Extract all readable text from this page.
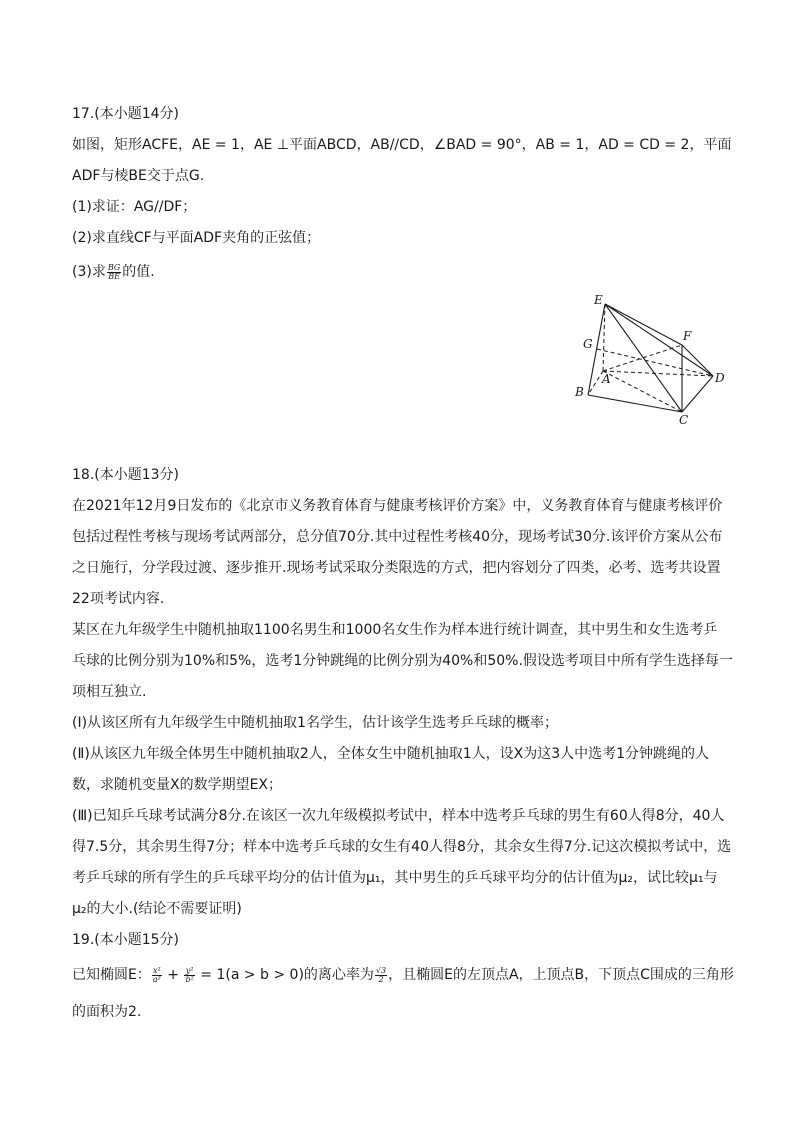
17.(本小题14分)
如图，矩形ACFE，AE = 1，AE ⊥平面ABCD，AB//CD，∠BAD = 90°，AB = 1，AD = CD = 2，平面
ADF与棱BE交于点G.
(1)求证：AG//DF；
(2)求直线CF与平面ADF夹角的正弦值；
(3)求 $\frac{BG}{BE}$ 的值.
E
F
G
A
B
C
D
18.(本小题13分)
在2021年12月9日发布的《北京市义务教育体育与健康考核评价方案》中，义务教育体育与健康考核评价
包括过程性考核与现场考试两部分，总分值70分.其中过程性考核40分，现场考试30分.该评价方案从公布
之日施行，分学段过渡、逐步推开.现场考试采取分类限选的方式，把内容划分了四类，必考、选考共设置
22项考试内容.
某区在九年级学生中随机抽取1100名男生和1000名女生作为样本进行统计调查，其中男生和女生选考乒
乓球的比例分别为10%和5%，选考1分钟跳绳的比例分别为40%和50%.假设选考项目中所有学生选择每一
项相互独立.
(Ⅰ)从该区所有九年级学生中随机抽取1名学生，估计该学生选考乒乓球的概率；
(Ⅱ)从该区九年级全体男生中随机抽取2人，全体女生中随机抽取1人，设X为这3人中选考1分钟跳绳的人
数，求随机变量X的数学期望EX；
(Ⅲ)已知乒乓球考试满分8分.在该区一次九年级模拟考试中，样本中选考乒乓球的男生有60人得8分，40人
得7.5分，其余男生得7分；样本中选考乒乓球的女生有40人得8分，其余女生得7分.记这次模拟考试中，选
考乒乓球的所有学生的乒乓球平均分的估计值为μ₁，其中男生的乒乓球平均分的估计值为μ₂，试比较μ₁与
μ₂的大小.(结论不需要证明)
19.(本小题15分)
已知椭圆E： $\frac{\text{x²}}{\text{a²}} + \frac{\text{y²}}{\text{b²}} = 1(a > b > 0)$的离心率为 $\frac{√3}{2}$ ，且椭圆E的左顶点A，上顶点B，下顶点C围成的三角形
的面积为2.
